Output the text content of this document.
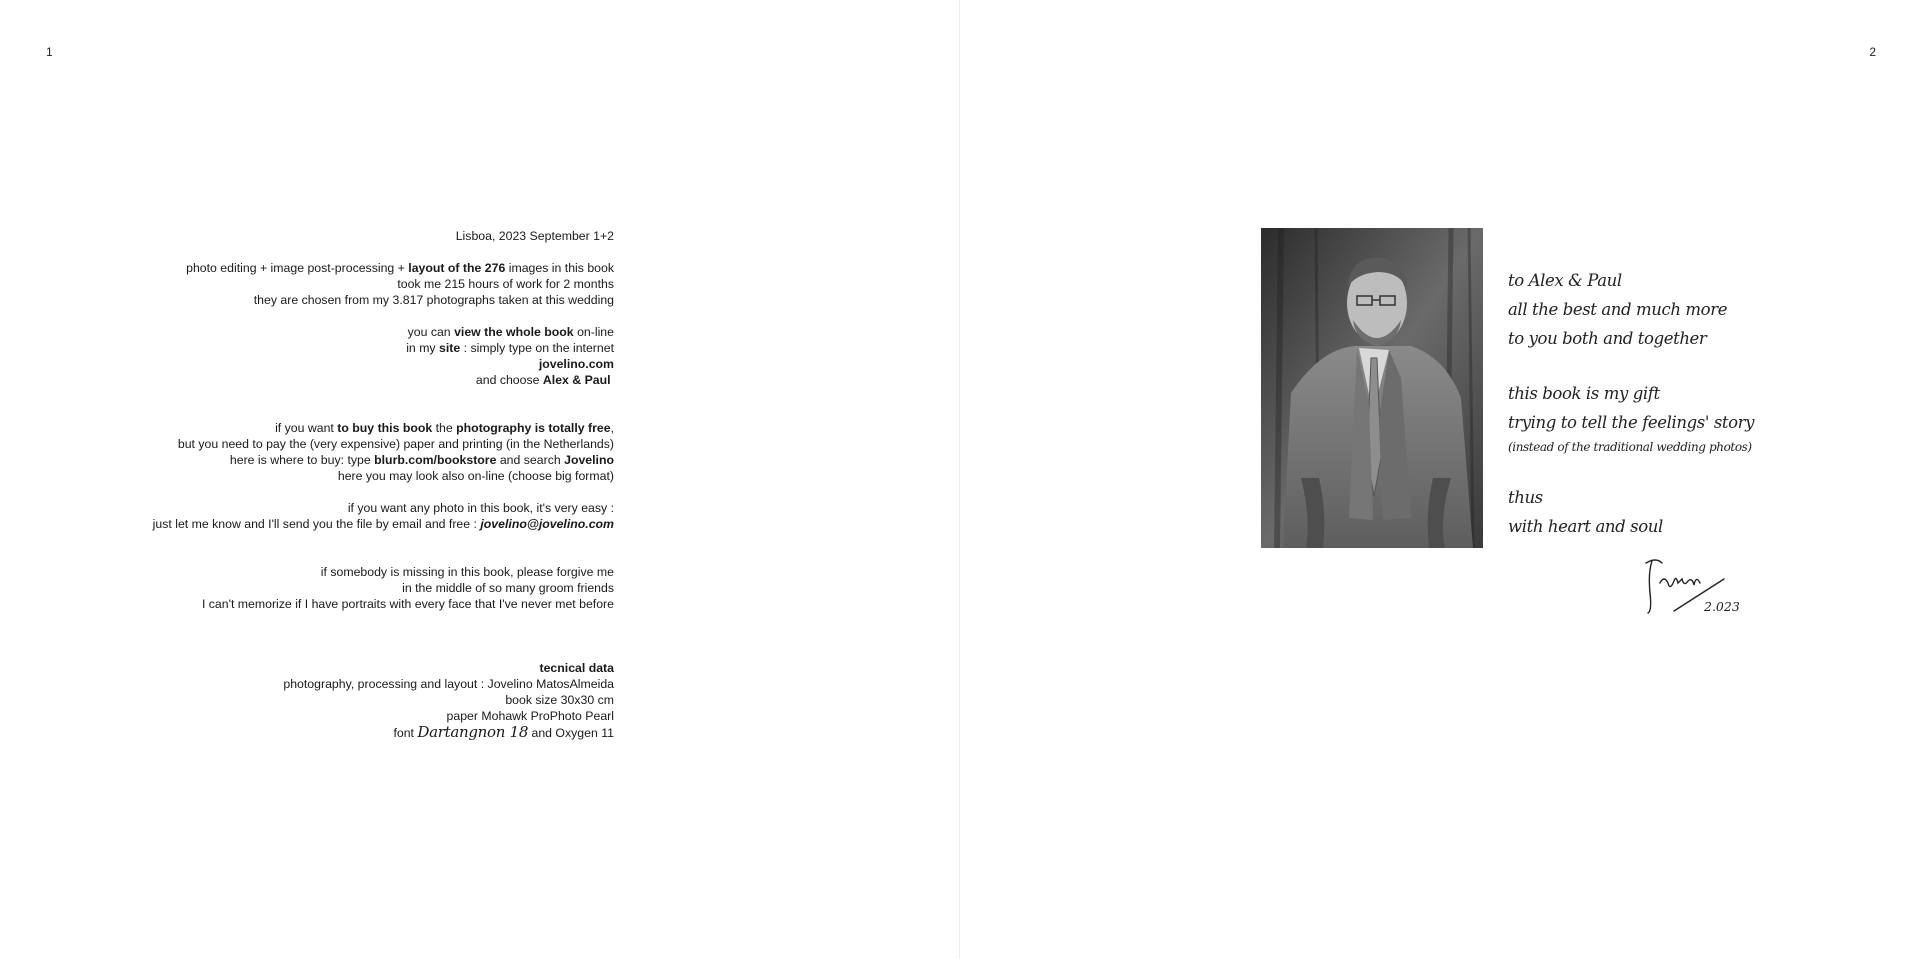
1

Lisboa, 2023 September 1+2

photo editing + image post-processing + layout of the 276 images in this book

took me 215 hours of work for 2 months

they are chosen from my 3.817 photographs taken at this wedding

you can view the whole book on-line

in my site : simply type on the internet

jovelino.com

and choose Alex & Paul

if you want to buy this book the photography is totally free,

but you need to pay the (very expensive) paper and printing (in the Netherlands)

here is where to buy: type blurb.com/bookstore and search Jovelino

here you may look also on-line (choose big format)

if you want any photo in this book, it's very easy :

just let me know and I'll send you the file by email and free : jovelino@jovelino.com

if somebody is missing in this book, please forgive me

in the middle of so many groom friends

I can't memorize if I have portraits with every face that I've never met before

tecnical data

photography, processing and layout : Jovelino MatosAlmeida

book size 30x30 cm

paper Mohawk ProPhoto Pearl

font Dartangnon 18 and Oxygen 11

2

to Alex & Paul

all the best and much more

to you both and together

this book is my gift

trying to tell the feelings' story

(instead of the traditional wedding photos)

thus

with heart and soul

2.023
